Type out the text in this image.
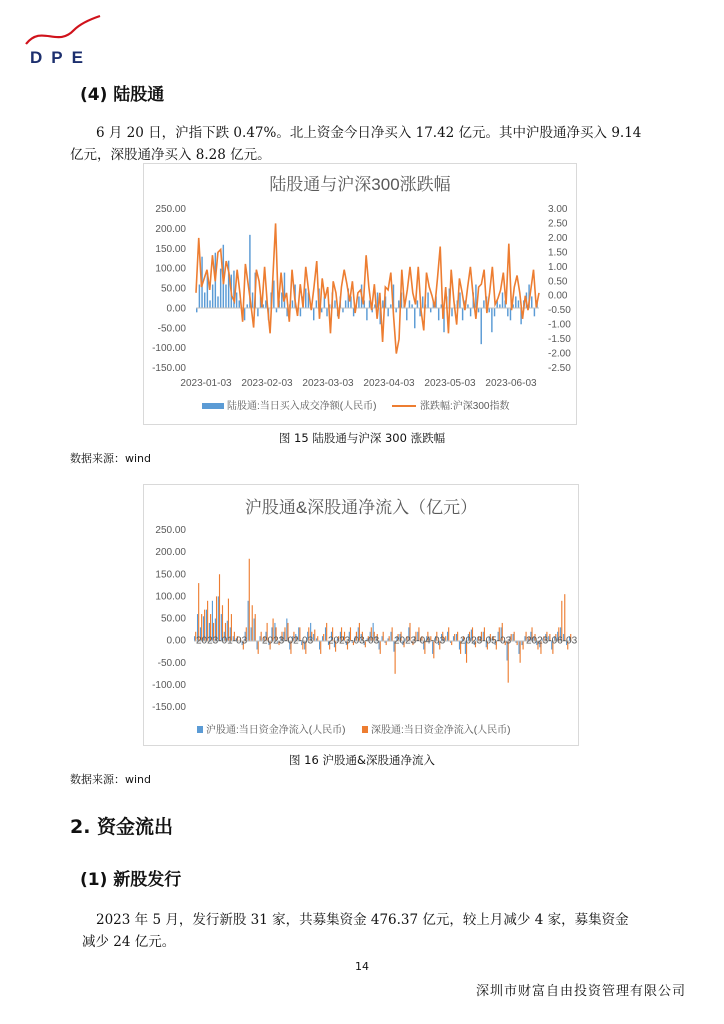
DPE
(4) 陆股通
6 月 20 日，沪指下跌 0.47%。北上资金今日净买入 17.42 亿元。其中沪股通净买入 9.14
亿元，深股通净买入 8.28 亿元。
陆股通与沪深300涨跌幅
250.00
200.00
150.00
100.00
50.00
0.00
-50.00
-100.00
-150.00
3.00
2.50
2.00
1.50
1.00
0.50
0.00
-0.50
-1.00
-1.50
-2.00
-2.50
2023-01-03 2023-02-03 2023-03-03 2023-04-03 2023-05-03 2023-06-03
陆股通:当日买入成交净额(人民币)	涨跌幅:沪深300指数
图 15 陆股通与沪深 300 涨跌幅
数据来源：wind
沪股通&深股通净流入（亿元）
250.00
200.00
150.00
100.00
50.00
0.00
-50.00
-100.00
-150.00
2023-01-03 2023-02-03 2023-03-03 2023-04-03 2023-05-03 2023-06-03
沪股通:当日资金净流入(人民币)	深股通:当日资金净流入(人民币)
图 16 沪股通&深股通净流入
数据来源：wind
2. 资金流出
(1) 新股发行
2023 年 5 月，发行新股 31 家，共募集资金 476.37 亿元，较上月减少 4 家，募集资金
减少 24 亿元。
14
深圳市财富自由投资管理有限公司
